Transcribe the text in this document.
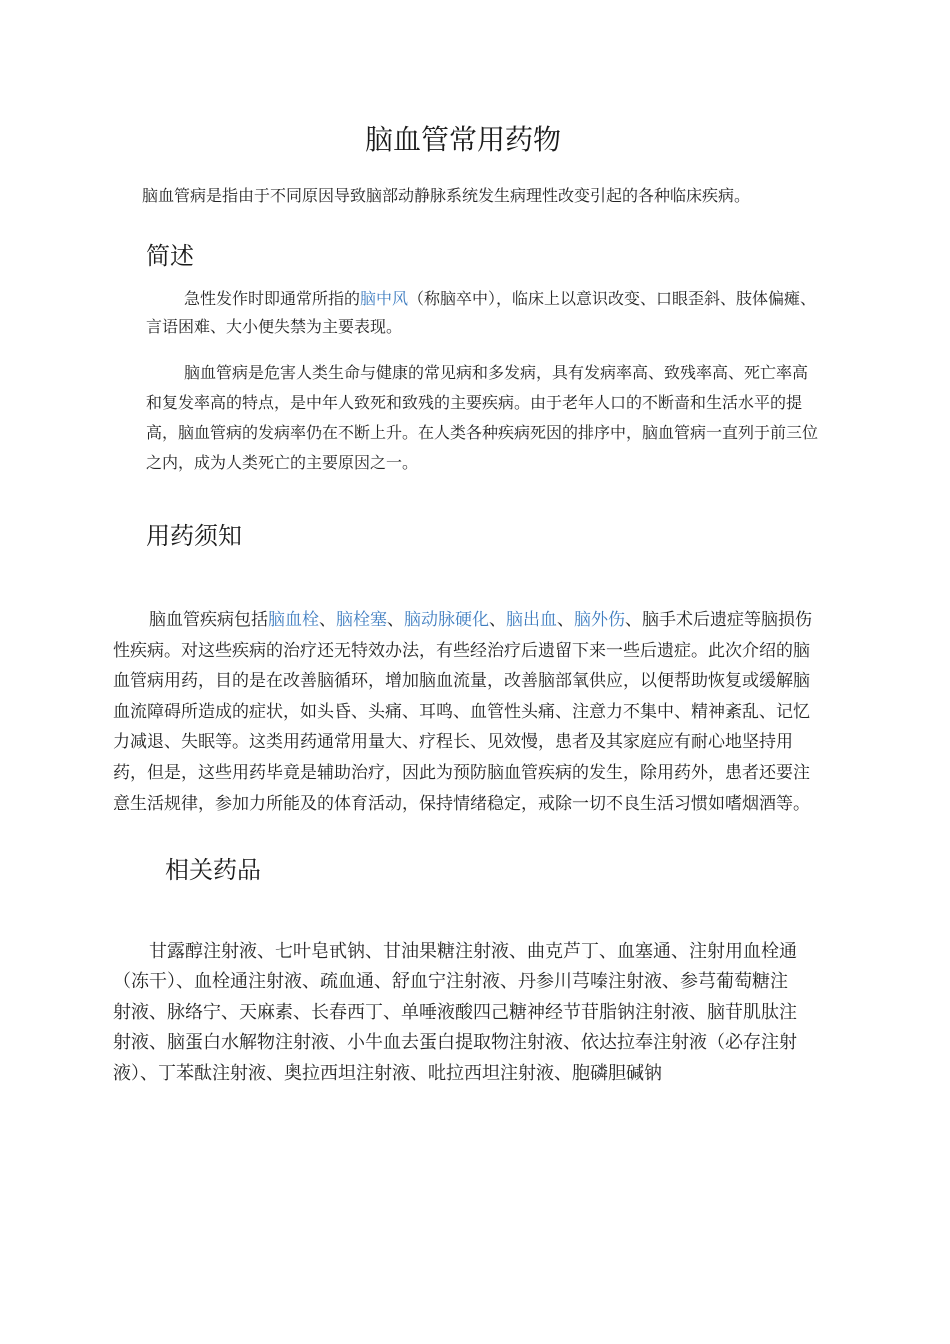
脑血管常用药物
脑血管病是指由于不同原因导致脑部动静脉系统发生病理性改变引起的各种临床疾病。
简述

急性发作时即通常所指的脑中风（称脑卒中），临床上以意识改变、口眼歪斜、肢体偏瘫、言语困难、大小便失禁为主要表现。

脑血管病是危害人类生命与健康的常见病和多发病，具有发病率高、致残率高、死亡率高和复发率高的特点，是中年人致死和致残的主要疾病。由于老年人口的不断啬和生活水平的提高，脑血管病的发病率仍在不断上升。在人类各种疾病死因的排序中，脑血管病一直列于前三位之内，成为人类死亡的主要原因之一。

用药须知

脑血管疾病包括脑血栓、脑栓塞、脑动脉硬化、脑出血、脑外伤、脑手术后遗症等脑损伤性疾病。对这些疾病的治疗还无特效办法，有些经治疗后遗留下来一些后遗症。此次介绍的脑血管病用药，目的是在改善脑循环，增加脑血流量，改善脑部氧供应，以便帮助恢复或缓解脑血流障碍所造成的症状，如头昏、头痛、耳鸣、血管性头痛、注意力不集中、精神紊乱、记忆力减退、失眠等。这类用药通常用量大、疗程长、见效慢，患者及其家庭应有耐心地坚持用药，但是，这些用药毕竟是辅助治疗，因此为预防脑血管疾病的发生，除用药外，患者还要注意生活规律，参加力所能及的体育活动，保持情绪稳定，戒除一切不良生活习惯如嗜烟酒等。

相关药品

甘露醇注射液、七叶皂甙钠、甘油果糖注射液、曲克芦丁、血塞通、注射用血栓通（冻干）、血栓通注射液、疏血通、舒血宁注射液、丹参川芎嗪注射液、参芎葡萄糖注射液、脉络宁、天麻素、长春西丁、单唾液酸四己糖神经节苷脂钠注射液、脑苷肌肽注射液、脑蛋白水解物注射液、小牛血去蛋白提取物注射液、依达拉奉注射液（必存注射液）、丁苯酞注射液、奥拉西坦注射液、吡拉西坦注射液、胞磷胆碱钠
